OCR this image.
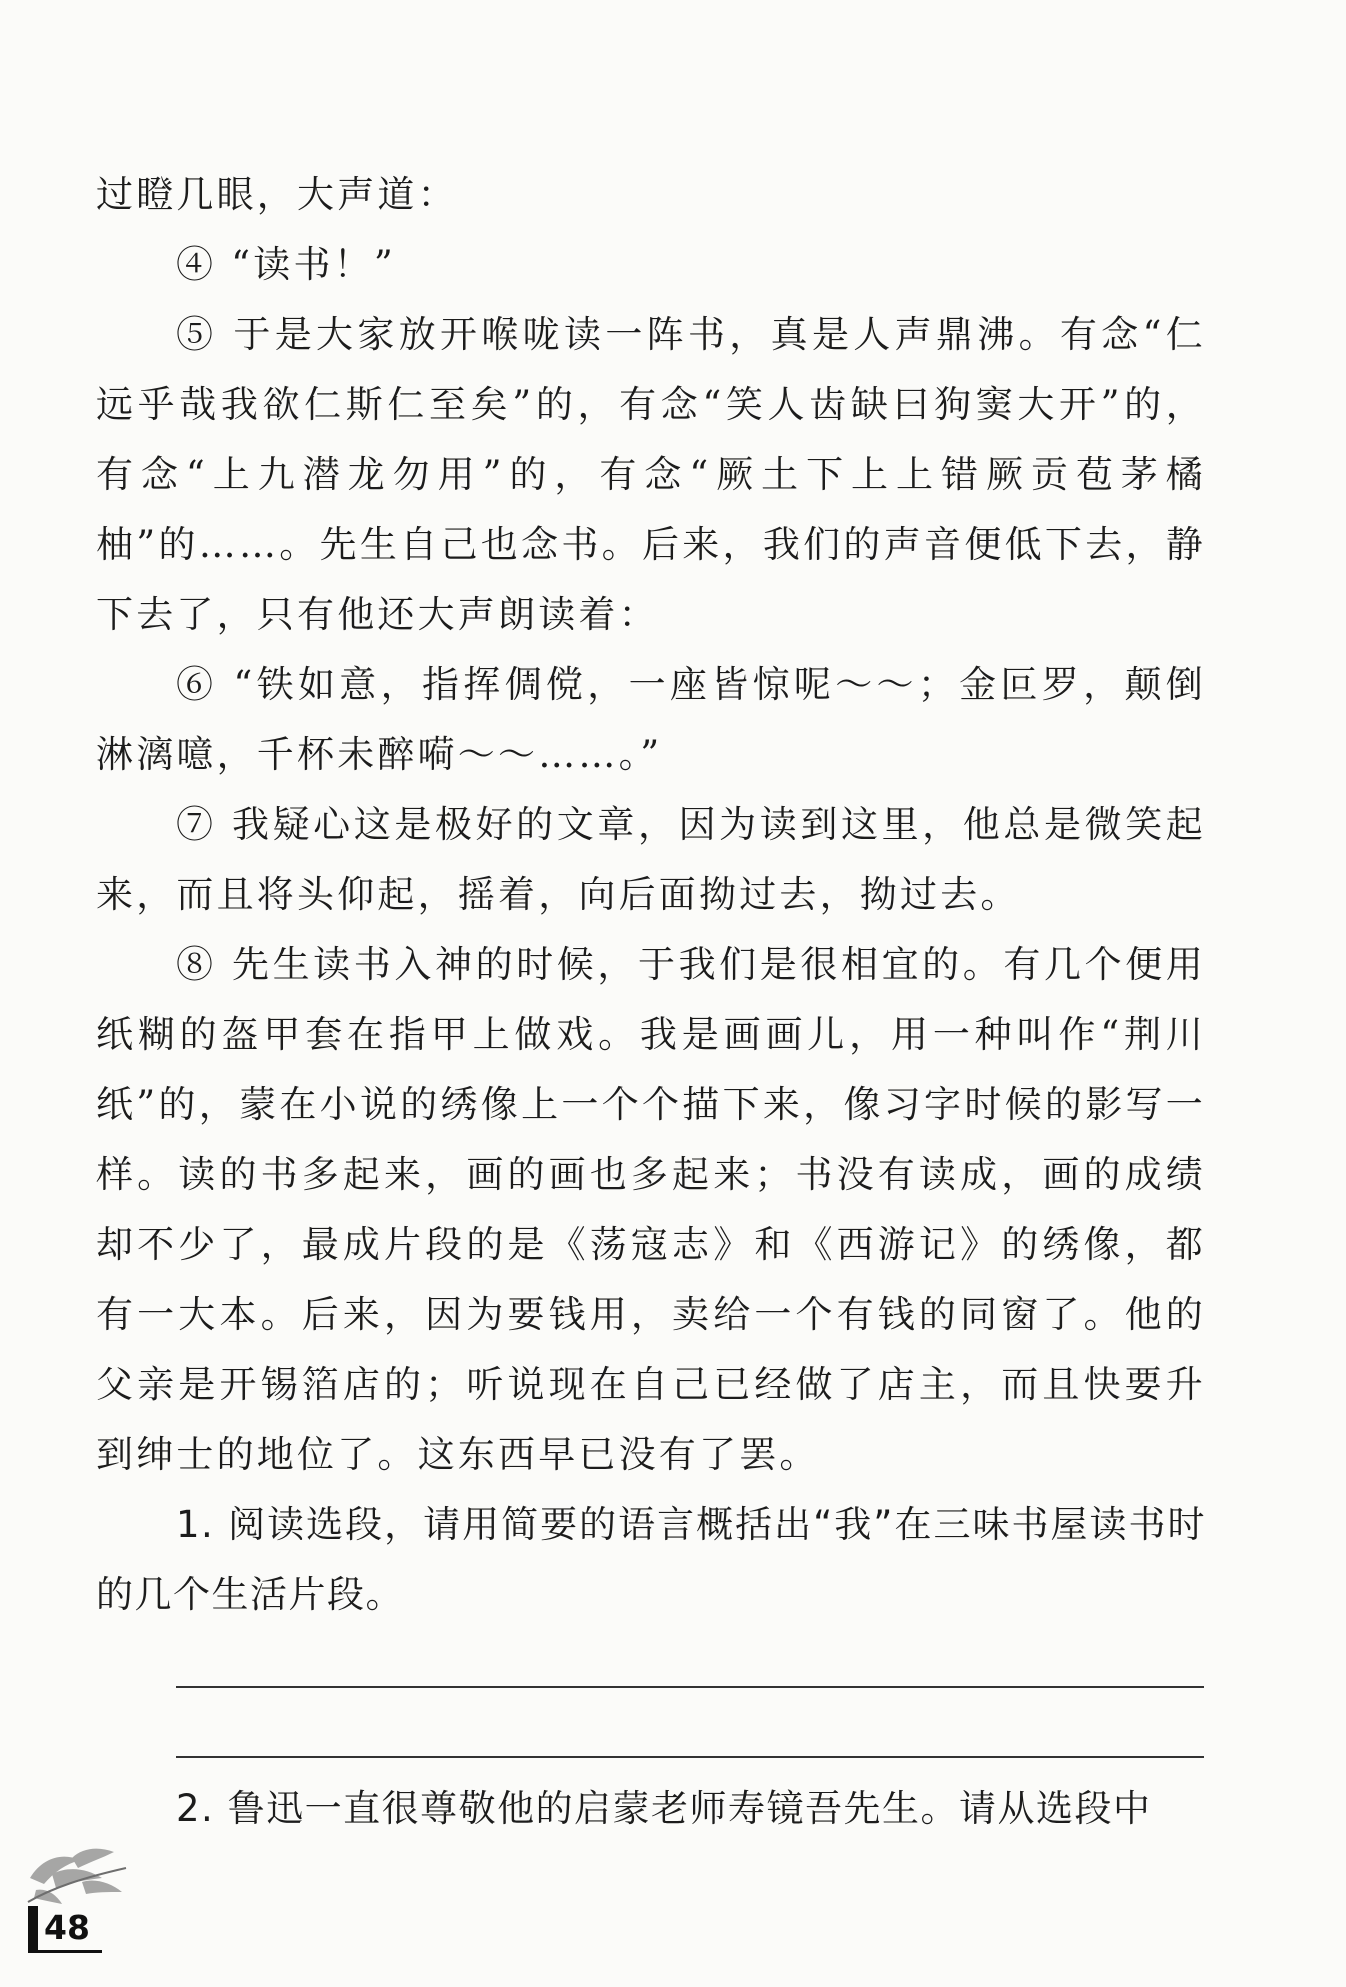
过瞪几眼，大声道：

④ “读书！”

⑤ 于是大家放开喉咙读一阵书，真是人声鼎沸。有念“仁远乎哉我欲仁斯仁至矣”的，有念“笑人齿缺曰狗窦大开”的，有念“上九潜龙勿用”的，有念“厥土下上上错厥贡苞茅橘柚”的……。先生自己也念书。后来，我们的声音便低下去，静下去了，只有他还大声朗读着：

⑥ “铁如意，指挥倜傥，一座皆惊呢～～；金叵罗，颠倒淋漓噫，千杯未醉嗬～～……。”

⑦ 我疑心这是极好的文章，因为读到这里，他总是微笑起来，而且将头仰起，摇着，向后面拗过去，拗过去。

⑧ 先生读书入神的时候，于我们是很相宜的。有几个便用纸糊的盔甲套在指甲上做戏。我是画画儿，用一种叫作“荆川纸”的，蒙在小说的绣像上一个个描下来，像习字时候的影写一样。读的书多起来，画的画也多起来；书没有读成，画的成绩却不少了，最成片段的是《荡寇志》和《西游记》的绣像，都有一大本。后来，因为要钱用，卖给一个有钱的同窗了。他的父亲是开锡箔店的；听说现在自己已经做了店主，而且快要升到绅士的地位了。这东西早已没有了罢。

1. 阅读选段，请用简要的语言概括出“我”在三味书屋读书时的几个生活片段。

2. 鲁迅一直很尊敬他的启蒙老师寿镜吾先生。请从选段中

48
